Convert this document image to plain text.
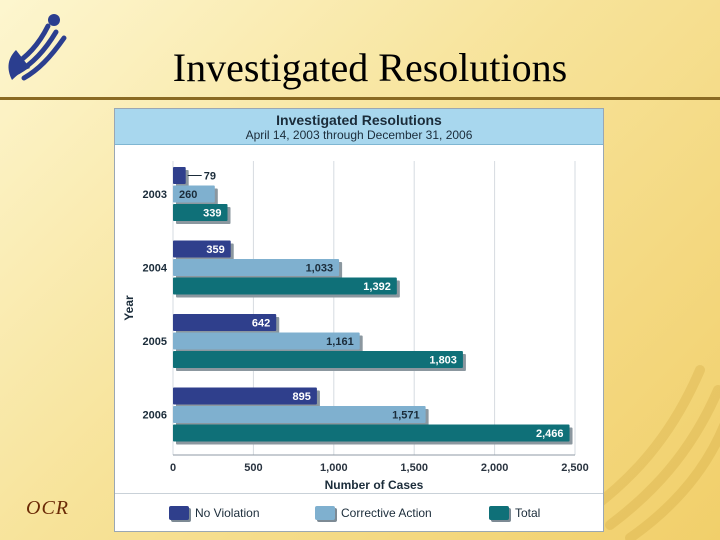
Investigated Resolutions
OCR
Investigated Resolutions
April 14, 2003 through December 31, 2006
0	500	1,000	1,500	2,000	2,500
Number of Cases
Year
2003
79
260
339
2004
359
1,033
1,392
2005
642
1,161
1,803
2006
895
1,571
2,466
No Violation	Corrective Action	Total
